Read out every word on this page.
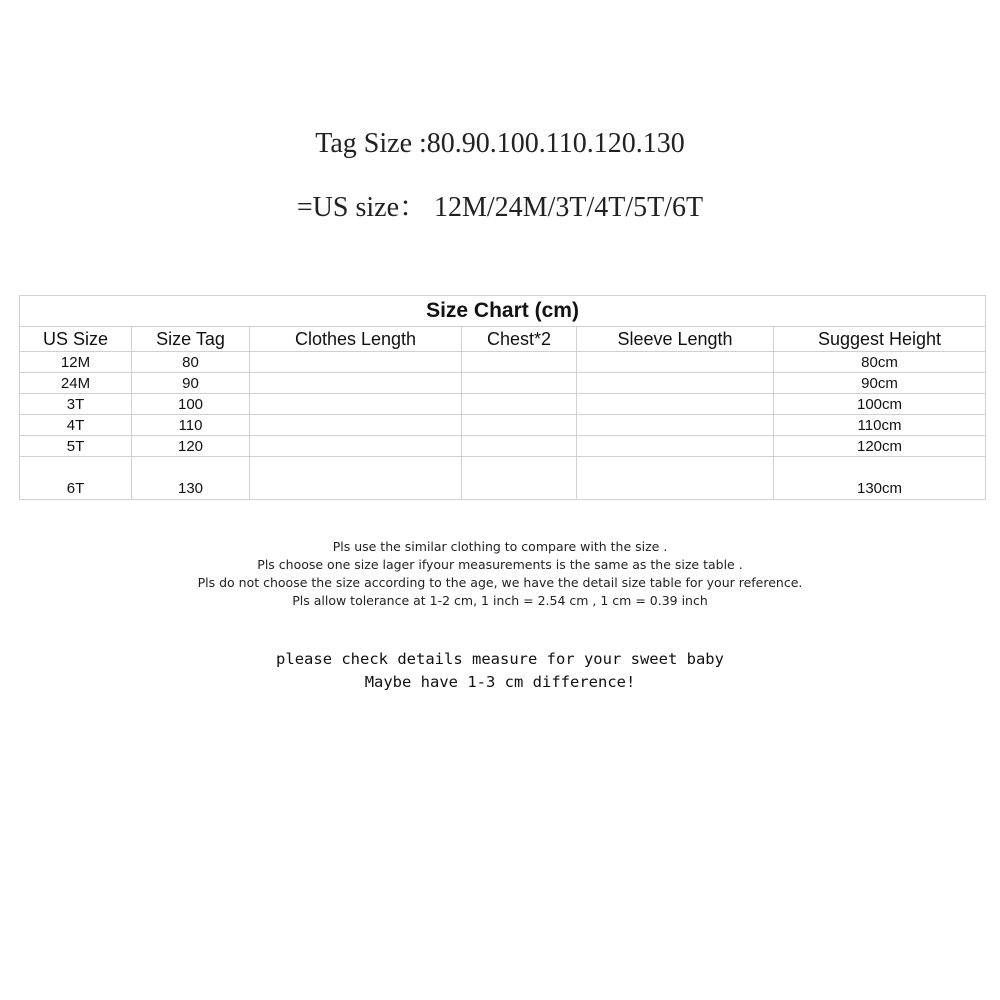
Tag Size :80.90.100.110.120.130
=US size： 12M/24M/3T/4T/5T/6T
Size Chart (cm)					
US Size	Size Tag	Clothes Length	Chest*2	Sleeve Length	Suggest Height
12M	80				80cm
24M	90				90cm
3T	100				100cm
4T	110				110cm
5T	120				120cm
6T	130				130cm
Pls use the similar clothing to compare with the size .
Pls choose one size lager ifyour measurements is the same as the size table .
Pls do not choose the size according to the age, we have the detail size table for your reference.
Pls allow tolerance at 1-2 cm, 1 inch = 2.54 cm , 1 cm = 0.39 inch
please check details measure for your sweet baby
Maybe have 1-3 cm difference!
